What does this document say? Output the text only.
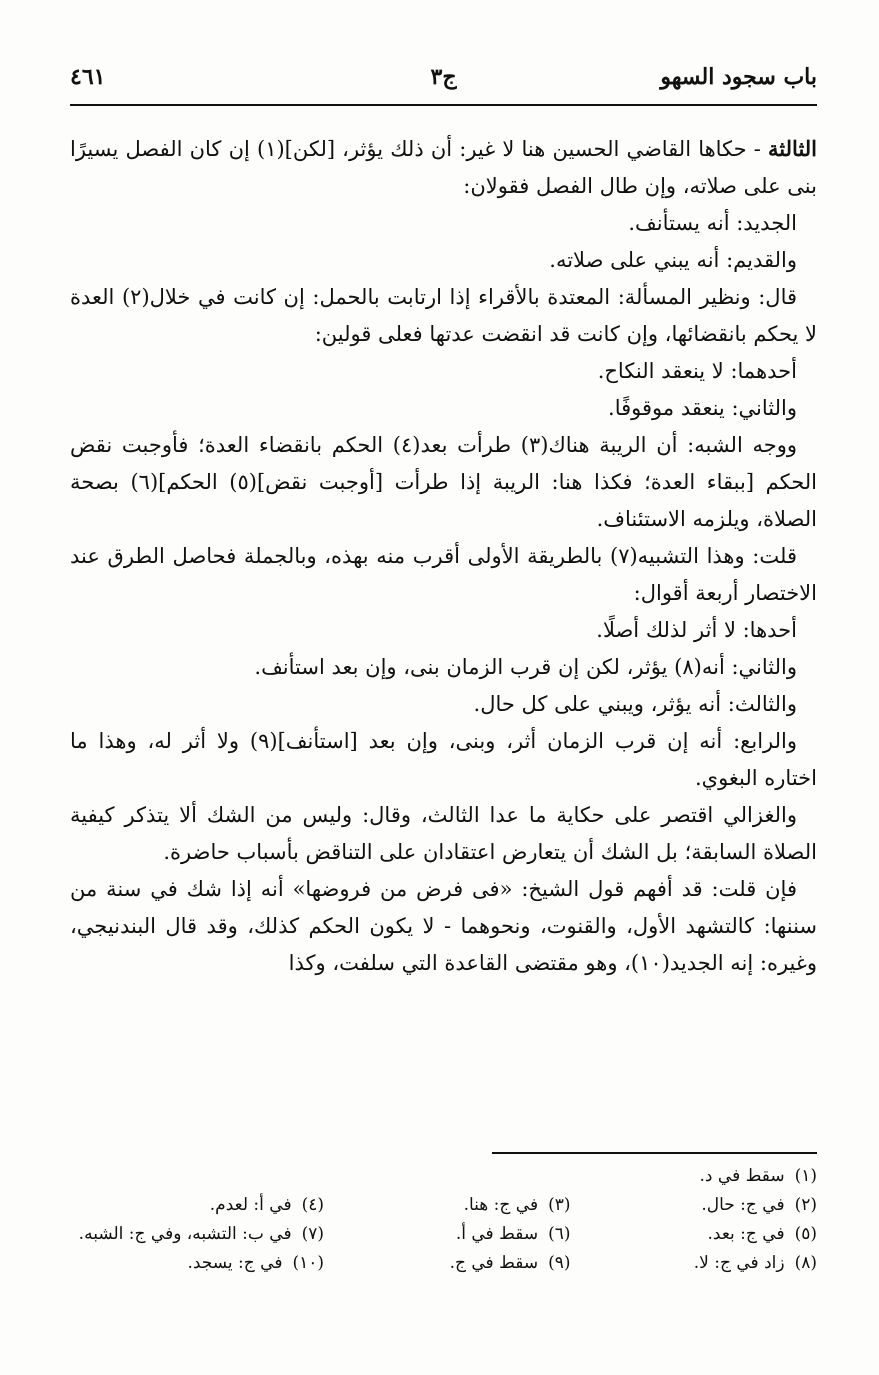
باب سجود السهو
ج٣
٤٦١

الثالثة - حكاها القاضي الحسين هنا لا غير: أن ذلك يؤثر، [لكن](١) إن كان الفصل يسيرًا بنى على صلاته، وإن طال الفصل فقولان:

الجديد: أنه يستأنف.

والقديم: أنه يبني على صلاته.

قال: ونظير المسألة: المعتدة بالأقراء إذا ارتابت بالحمل: إن كانت في خلال(٢) العدة لا يحكم بانقضائها، وإن كانت قد انقضت عدتها فعلى قولين:

أحدهما: لا ينعقد النكاح.

والثاني: ينعقد موقوفًا.

ووجه الشبه: أن الريبة هناك(٣) طرأت بعد(٤) الحكم بانقضاء العدة؛ فأوجبت نقض الحكم [ببقاء العدة؛ فكذا هنا: الريبة إذا طرأت [أوجبت نقض](٥) الحكم](٦) بصحة الصلاة، ويلزمه الاستئناف.

قلت: وهذا التشبيه(٧) بالطريقة الأولى أقرب منه بهذه، وبالجملة فحاصل الطرق عند الاختصار أربعة أقوال:

أحدها: لا أثر لذلك أصلًا.

والثاني: أنه(٨) يؤثر، لكن إن قرب الزمان بنى، وإن بعد استأنف.

والثالث: أنه يؤثر، ويبني على كل حال.

والرابع: أنه إن قرب الزمان أثر، وبنى، وإن بعد [استأنف](٩) ولا أثر له، وهذا ما اختاره البغوي.

والغزالي اقتصر على حكاية ما عدا الثالث، وقال: وليس من الشك ألا يتذكر كيفية الصلاة السابقة؛ بل الشك أن يتعارض اعتقادان على التناقض بأسباب حاضرة.

فإن قلت: قد أفهم قول الشيخ: «فى فرض من فروضها» أنه إذا شك في سنة من سننها: كالتشهد الأول، والقنوت، ونحوهما - لا يكون الحكم كذلك، وقد قال البندنيجي، وغيره: إنه الجديد(١٠)، وهو مقتضى القاعدة التي سلفت، وكذا

(١)سقط في د.
(٢)في ج: حال.
(٣)في ج: هنا.
(٤)في أ: لعدم.
(٥)في ج: بعد.
(٦)سقط في أ.
(٧)في ب: التشبه، وفي ج: الشبه.
(٨)زاد في ج: لا.
(٩)سقط في ج.
(١٠)في ج: يسجد.
